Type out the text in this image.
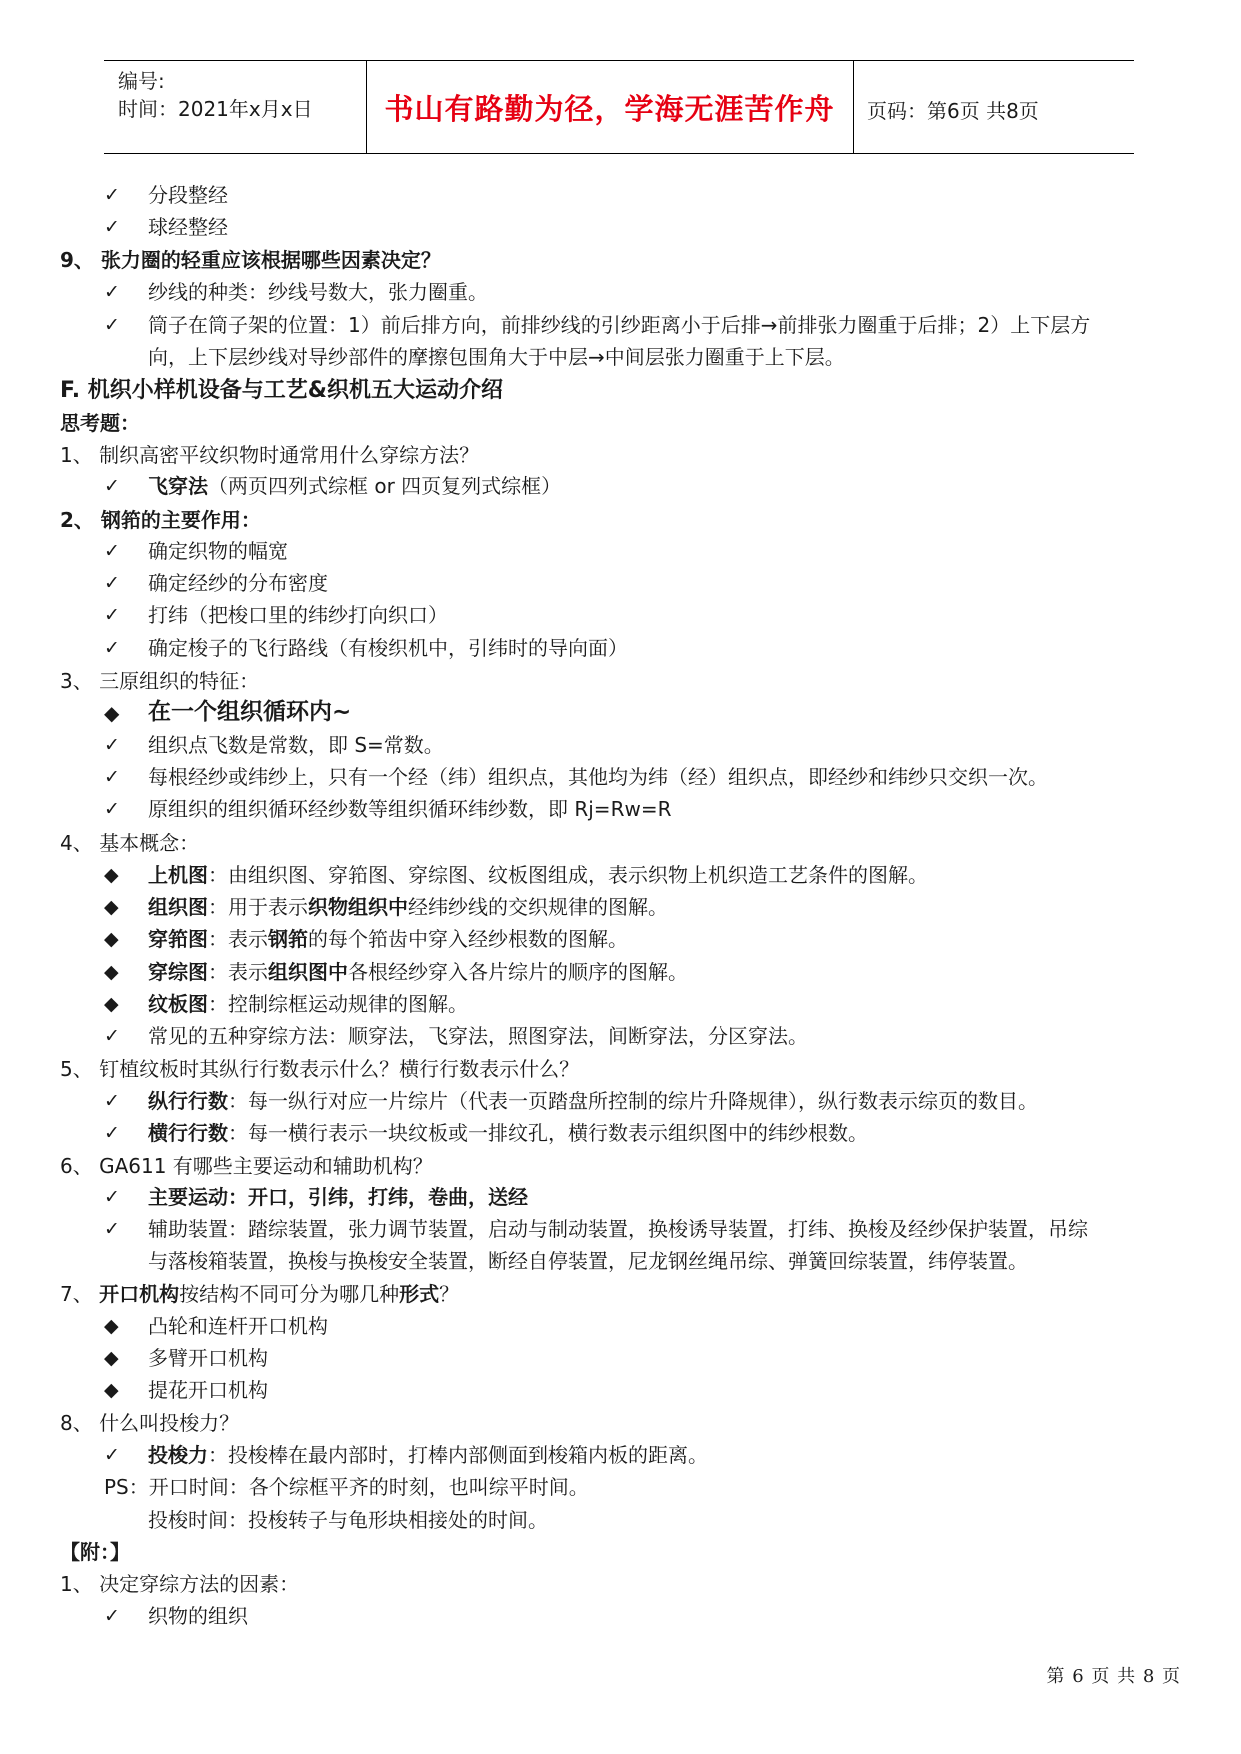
编号:
时间：2021年x月x日	书山有路勤为径，学海无涯苦作舟	页码：第6页 共8页
✓ 分段整经
✓ 球经整经
9、 张力圈的轻重应该根据哪些因素决定？
✓ 纱线的种类：纱线号数大，张力圈重。
✓ 筒子在筒子架的位置：1）前后排方向，前排纱线的引纱距离小于后排→前排张力圈重于后排；2）上下层方
向，上下层纱线对导纱部件的摩擦包围角大于中层→中间层张力圈重于上下层。
F. 机织小样机设备与工艺&织机五大运动介绍
思考题：
1、 制织高密平纹织物时通常用什么穿综方法？
✓ 飞穿法（两页四列式综框 or 四页复列式综框）
2、 钢筘的主要作用：
✓ 确定织物的幅宽
✓ 确定经纱的分布密度
✓ 打纬（把梭口里的纬纱打向织口）
✓ 确定梭子的飞行路线（有梭织机中，引纬时的导向面）
3、 三原组织的特征：
◆ 在一个组织循环内~
✓ 组织点飞数是常数，即 S=常数。
✓ 每根经纱或纬纱上，只有一个经（纬）组织点，其他均为纬（经）组织点，即经纱和纬纱只交织一次。
✓ 原组织的组织循环经纱数等组织循环纬纱数，即 Rj=Rw=R
4、 基本概念：
◆ 上机图：由组织图、穿筘图、穿综图、纹板图组成，表示织物上机织造工艺条件的图解。
◆ 组织图：用于表示织物组织中经纬纱线的交织规律的图解。
◆ 穿筘图：表示钢筘的每个筘齿中穿入经纱根数的图解。
◆ 穿综图：表示组织图中各根经纱穿入各片综片的顺序的图解。
◆ 纹板图：控制综框运动规律的图解。
✓ 常见的五种穿综方法：顺穿法，飞穿法，照图穿法，间断穿法，分区穿法。
5、 钉植纹板时其纵行行数表示什么？横行行数表示什么？
✓ 纵行行数：每一纵行对应一片综片（代表一页踏盘所控制的综片升降规律），纵行数表示综页的数目。
✓ 横行行数：每一横行表示一块纹板或一排纹孔，横行数表示组织图中的纬纱根数。
6、 GA611 有哪些主要运动和辅助机构？
✓ 主要运动：开口，引纬，打纬，卷曲，送经
✓ 辅助装置：踏综装置，张力调节装置，启动与制动装置，换梭诱导装置，打纬、换梭及经纱保护装置，吊综
与落梭箱装置，换梭与换梭安全装置，断经自停装置，尼龙钢丝绳吊综、弹簧回综装置，纬停装置。
7、 开口机构按结构不同可分为哪几种形式？
◆ 凸轮和连杆开口机构
◆ 多臂开口机构
◆ 提花开口机构
8、 什么叫投梭力？
✓ 投梭力：投梭棒在最内部时，打棒内部侧面到梭箱内板的距离。
PS：开口时间：各个综框平齐的时刻，也叫综平时间。
投梭时间：投梭转子与龟形块相接处的时间。
【附：】
1、 决定穿综方法的因素：
✓ 织物的组织
第 6 页 共 8 页
